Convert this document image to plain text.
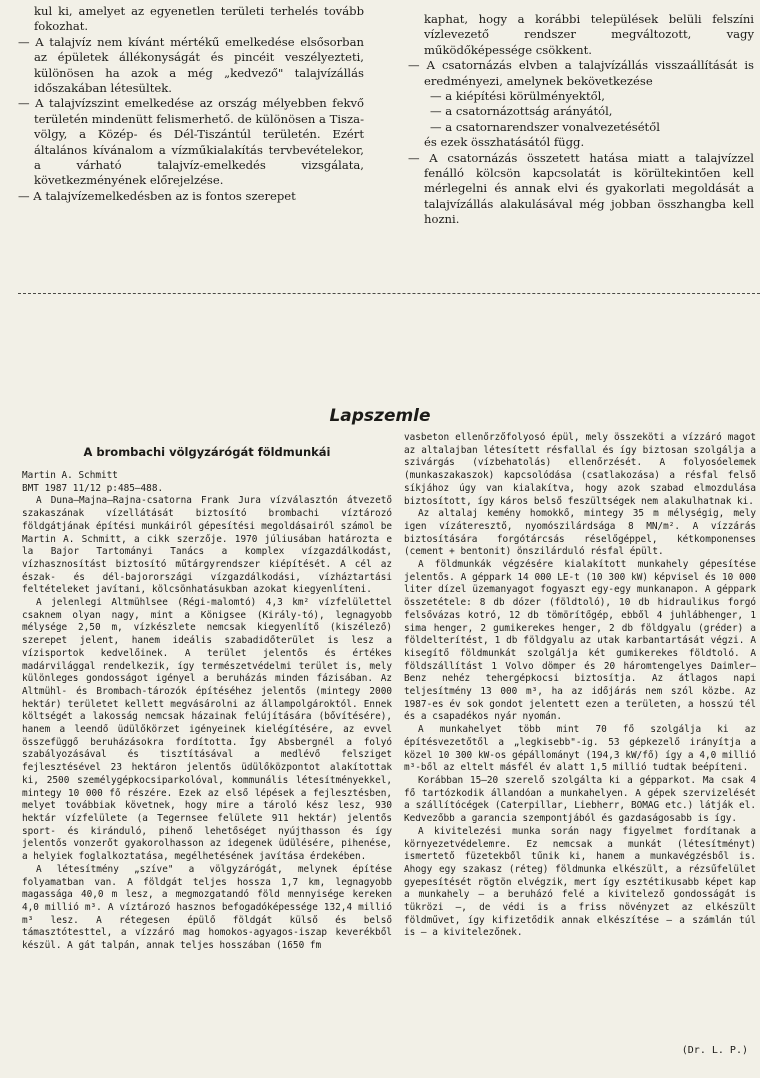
kul ki, amelyet az egyenetlen területi terhelés tovább fokozhat.

— A talajvíz nem kívánt mértékű emelkedése elsősorban az épületek állékonyságát és pincéit veszélyezteti, különösen ha azok a még „kedvező" talajvízállás időszakában létesültek.

— A talajvízszint emelkedése az ország mélyebben fekvő területén mindenütt felismerhető. de különösen a Tisza-völgy, a Közép- és Dél-Tiszántúl területén. Ezért általános kívánalom a vízműkialakítás tervbevételekor, a várható talajvíz-emelkedés vizsgálata, következményének előrejelzése.

— A talajvízemelkedésben az is fontos szerepet

kaphat, hogy a korábbi települések belüli felszíni vízlevezető rendszer megváltozott, vagy működőképessége csökkent.

— A csatornázás elvben a talajvízállás visszaállítását is eredményezi, amelynek bekövetkezése

— a kiépítési körülményektől,

— a csatornázottság arányától,

— a csatornarendszer vonalvezetésétől

és ezek összhatásától függ.

— A csatornázás összetett hatása miatt a talajvízzel fenálló kölcsön kapcsolatát is körültekintően kell mérlegelni és annak elvi és gyakorlati megoldását a talajvízállás alakulásával még jobban összhangba kell hozni.

Lapszemle
A brombachi völgyzárógát földmunkái

Martin A. Schmitt

BMT 1987 11/12 p:485—488.

A Duna—Majna—Rajna-csatorna Frank Jura vízválasztón átvezető szakaszának vízellátását biztosító brombachi víztározó földgátjának építési munkáiról gépesítési megoldásairól számol be Martin A. Schmitt, a cikk szerzője. 1970 júliusában határozta e la Bajor Tartományi Tanács a komplex vízgazdálkodást, vízhasznosítást biztosító műtárgyrendszer kiépítését. A cél az észak- és dél-bajorországi vízgazdálkodási, vízháztartási feltételeket javítani, kölcsönhatásukban azokat kiegyenlíteni.

A jelenlegi Altmühlsee (Régi-malomtó) 4,3 km² vízfelülettel csaknem olyan nagy, mint a Königsee (Király-tó), legnagyobb mélysége 2,50 m, vízkészlete nemcsak kiegyenlítő (kiszélező) szerepet jelent, hanem ideális szabadidőterület is lesz a vízisportok kedvelőinek. A terület jelentős és értékes madárvilággal rendelkezik, így természetvédelmi terület is, mely különleges gondosságot igényel a beruházás minden fázisában. Az Altmühl- és Brombach-tározók építéséhez jelentős (mintegy 2000 hektár) területet kellett megvásárolni az állampolgároktól. Ennek költségét a lakosság nemcsak házainak felújítására (bővítésére), hanem a leendő üdülőkörzet igényeinek kielégítésére, az evvel összefüggő beruházásokra fordította. Így Absbergnél a folyó szabályozásával és tisztításával a medlévő felsziget fejlesztésével 23 hektáron jelentős üdülőközpontot alakítottak ki, 2500 személygépkocsiparkolóval, kommunális létesítményekkel, mintegy 10 000 fő részére. Ezek az első lépések a fejlesztésben, melyet továbbiak követnek, hogy mire a tároló kész lesz, 930 hektár vízfelülete (a Tegernsee felülete 911 hektár) jelentős sport- és kiránduló, pihenő lehetőséget nyújthasson és így jelentős vonzerőt gyakorolhasson az idegenek üdülésére, pihenése, a helyiek foglalkoztatása, megélhetésének javítása érdekében.

A létesítmény „szíve" a völgyzárógát, melynek építése folyamatban van. A földgát teljes hossza 1,7 km, legnagyobb magassága 40,0 m lesz, a megmozgatandó föld mennyisége kereken 4,0 millió m³. A víztározó hasznos befogadóképessége 132,4 millió m³ lesz. A rétegesen épülő földgát külső és belső támasztótesttel, a vízzáró mag homokos-agyagos-iszap keverékből készül. A gát talpán, annak teljes hosszában (1650 fm

vasbeton ellenőrzőfolyosó épül, mely összeköti a vízzáró magot az altalajban létesített résfallal és így biztosan szolgálja a szivárgás (vízbehatolás) ellenőrzését. A folyosóelemek (munkaszakaszok) kapcsolódása (csatlakozása) a résfal felső síkjához úgy van kialakítva, hogy azok szabad elmozdulása biztosított, így káros belső feszültségek nem alakulhatnak ki.

Az altalaj kemény homokkő, mintegy 35 m mélységig, mely igen vízáteresztő, nyomószilárdsága 8 MN/m². A vízzárás biztosítására forgótárcsás réselőgéppel, kétkomponenses (cement + bentonit) önszilárduló résfal épült.

A földmunkák végzésére kialakított munkahely gépesítése jelentős. A géppark 14 000 LE-t (10 300 kW) képvisel és 10 000 liter dízel üzemanyagot fogyaszt egy-egy munkanapon. A géppark összetétele: 8 db dózer (földtoló), 10 db hidraulikus forgó felsővázas kotró, 12 db tömörítőgép, ebből 4 juhlábhenger, 1 sima henger, 2 gumikerekes henger, 2 db földgyalu (gréder) a földelterítést, 1 db földgyalu az utak karbantartását végzi. A kisegítő földmunkát szolgálja két gumikerekes földtoló. A földszállítást 1 Volvo dömper és 20 háromtengelyes Daimler—Benz nehéz tehergépkocsi biztosítja. Az átlagos napi teljesítmény 13 000 m³, ha az időjárás nem szól közbe. Az 1987-es év sok gondot jelentett ezen a területen, a hosszú tél és a csapadékos nyár nyomán.

A munkahelyet több mint 70 fő szolgálja ki az építésvezetőtől a „legkisebb"-ig. 53 gépkezelő irányítja a közel 10 300 kW-os gépállományt (194,3 kW/fő) így a 4,0 millió m³-ből az eltelt másfél év alatt 1,5 millió tudtak beépíteni.

Korábban 15—20 szerelő szolgálta ki a gépparkot. Ma csak 4 fő tartózkodik állandóan a munkahelyen. A gépek szervizelését a szállítócégek (Caterpillar, Liebherr, BOMAG etc.) látják el. Kedvezőbb a garancia szempontjából és gazdaságosabb is így.

A kivitelezési munka során nagy figyelmet fordítanak a környezetvédelemre. Ez nemcsak a munkát (létesítményt) ismertető füzetekből tűnik ki, hanem a munkavégzésből is. Ahogy egy szakasz (réteg) földmunka elkészült, a rézsűfelület gyepesítését rögtön elvégzik, mert így esztétikusabb képet kap a munkahely — a beruházó felé a kivitelező gondosságát is tükrözi —, de védi is a friss növényzet az elkészült földművet, így kifizetődik annak elkészítése — a számlán túl is — a kivitelezőnek.

(Dr. L. P.)
